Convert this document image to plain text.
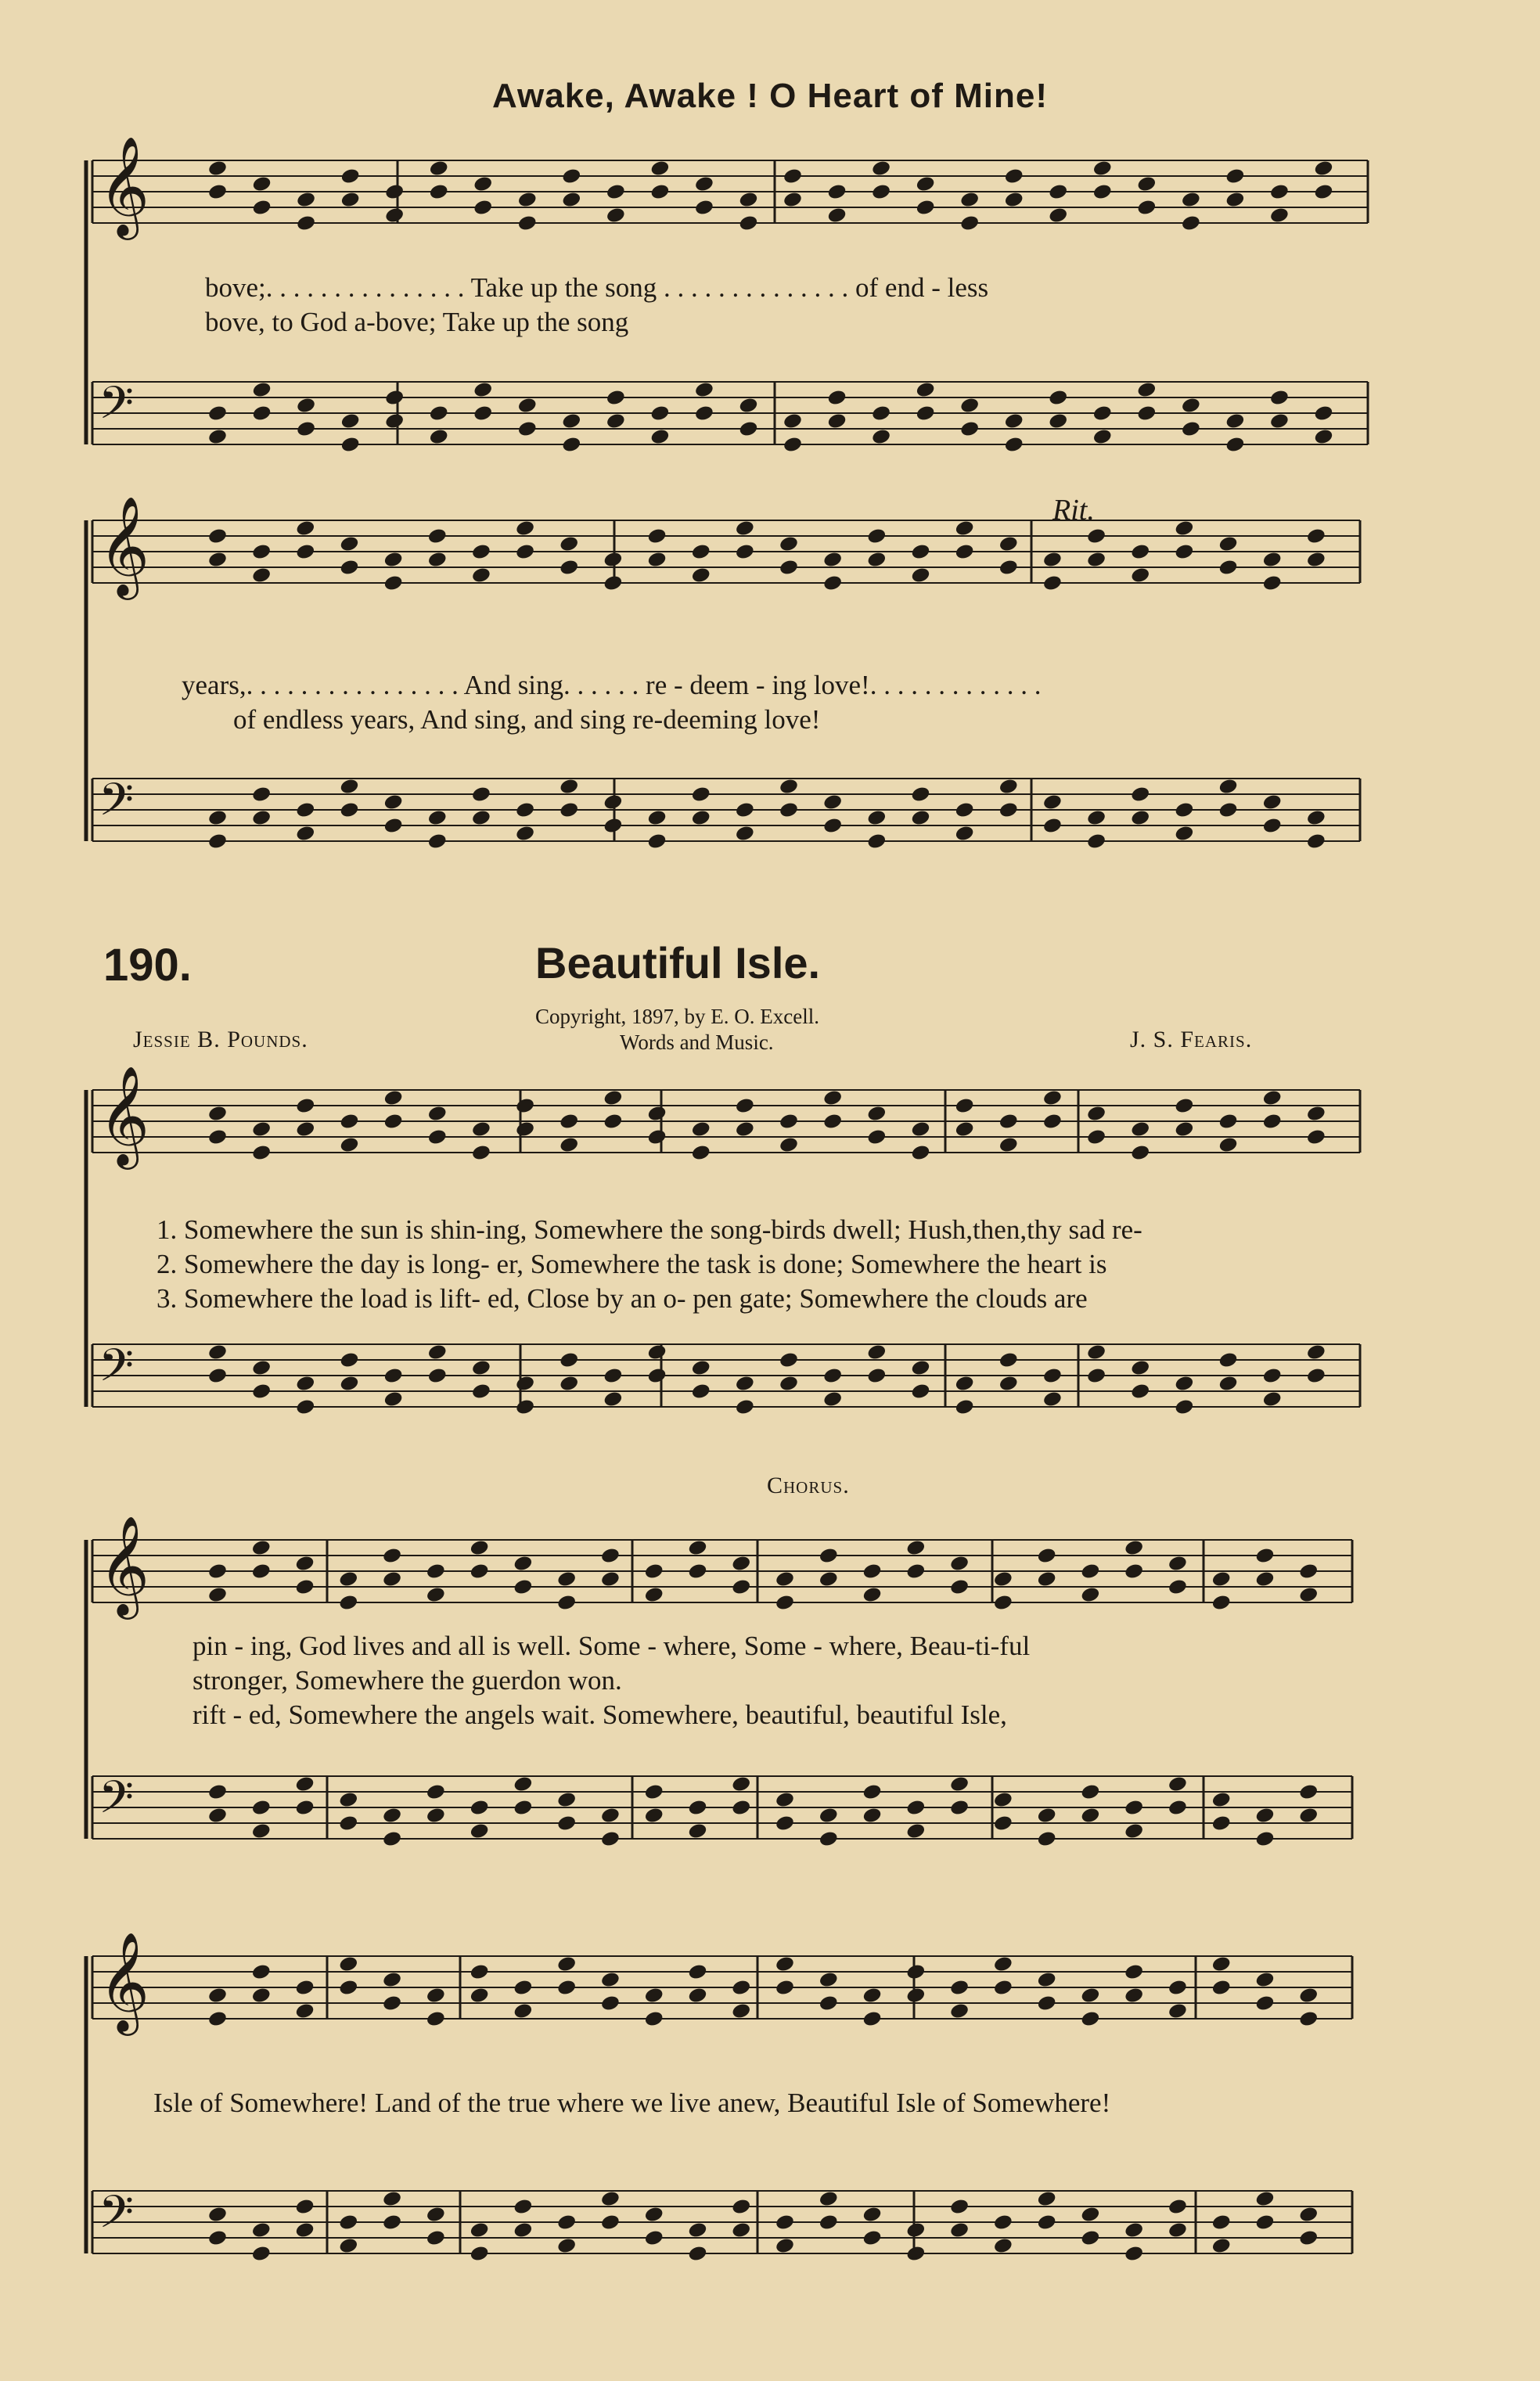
𝄞
𝄢
𝄞
𝄢
𝄞
𝄢
𝄞
𝄢
𝄞
𝄢
Awake, Awake ! O Heart of Mine!
bove;. . . . . . . . . . . . . . . Take up the song . . . . . . . . . . . . . . of end - less
bove, to God a-bove; Take up the song
Rit.
years,. . . . . . . . . . . . . . . . And sing. . . . . . re - deem - ing love!. . . . . . . . . . . . .
of endless years, And sing, and sing re-deeming love!
190.	Beautiful Isle.
Copyright, 1897, by E. O. Excell.
Words and Music.
Jessie B. Pounds.	J. S. Fearis.
1. Somewhere the sun is shin-ing, Somewhere the song-birds dwell; Hush,then,thy sad re-
2. Somewhere the day is long- er, Somewhere the task is done; Somewhere the heart is
3. Somewhere the load is lift- ed, Close by an o- pen gate; Somewhere the clouds are
Chorus.
pin - ing, God lives and all is well. Some - where, Some - where, Beau-ti-ful
stronger, Somewhere the guerdon won.
rift - ed, Somewhere the angels wait. Somewhere, beautiful, beautiful Isle,
Isle of Somewhere! Land of the true where we live anew, Beautiful Isle of Somewhere!
